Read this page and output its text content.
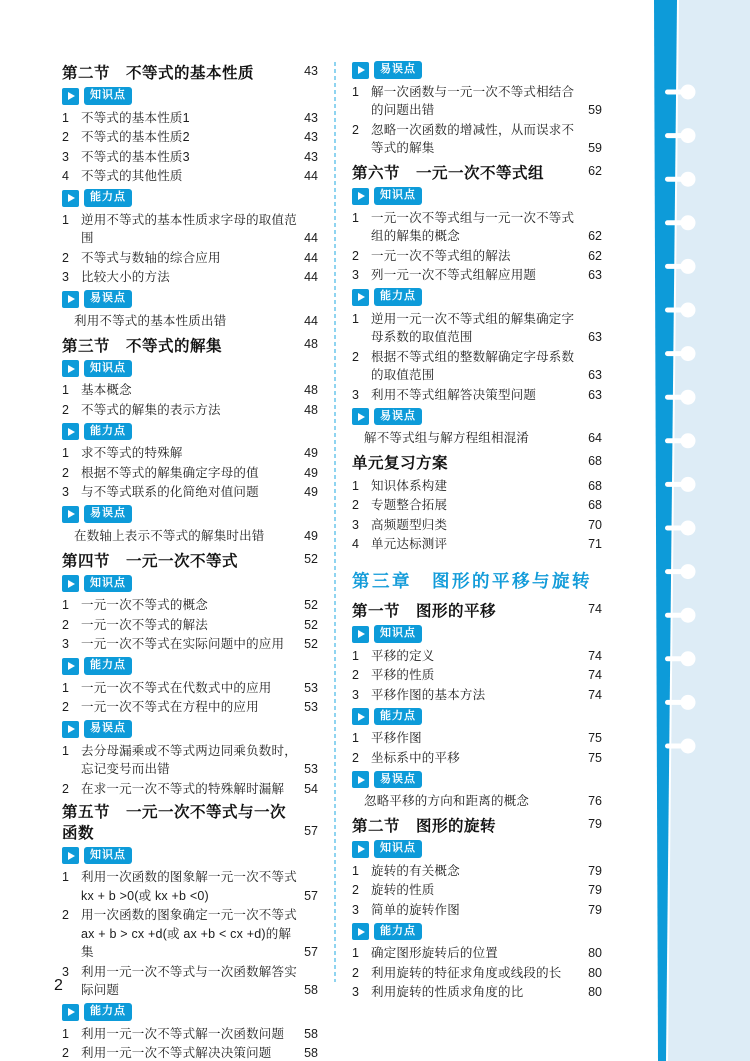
第二节　不等式的基本性质	43
知识点
1 不等式的基本性质1	43
2 不等式的基本性质2	43
3 不等式的基本性质3	43
4 不等式的其他性质	44
能力点
1 逆用不等式的基本性质求字母的取值范围	44
2 不等式与数轴的综合应用	44
3 比较大小的方法	44
易误点
利用不等式的基本性质出错	44
第三节　不等式的解集	48
知识点
1 基本概念	48
2 不等式的解集的表示方法	48
能力点
1 求不等式的特殊解	49
2 根据不等式的解集确定字母的值	49
3 与不等式联系的化简绝对值问题	49
易误点
在数轴上表示不等式的解集时出错	49
第四节　一元一次不等式	52
知识点
1 一元一次不等式的概念	52
2 一元一次不等式的解法	52
3 一元一次不等式在实际问题中的应用	52
能力点
1 一元一次不等式在代数式中的应用	53
2 一元一次不等式在方程中的应用	53
易误点
1 去分母漏乘或不等式两边同乘负数时，忘记变号而出错	53
2 在求一元一次不等式的特殊解时漏解	54
第五节　一元一次不等式与一次函数	57
知识点
1 利用一次函数的图象解一元一次不等式 kx + b >0(或 kx +b <0)	57
2 用一次函数的图象确定一元一次不等式 ax + b > cx +d(或 ax +b < cx +d)的解集	57
3 利用一元一次不等式与一次函数解答实际问题	58
能力点
1 利用一元一次不等式解一次函数问题	58
2 利用一元一次不等式解决决策问题	58
易误点
1 解一次函数与一元一次不等式相结合的问题出错	59
2 忽略一次函数的增减性，从而误求不等式的解集	59
第六节　一元一次不等式组	62
知识点
1 一元一次不等式组与一元一次不等式组的解集的概念	62
2 一元一次不等式组的解法	62
3 列一元一次不等式组解应用题	63
能力点
1 逆用一元一次不等式组的解集确定字母系数的取值范围	63
2 根据不等式组的整数解确定字母系数的取值范围	63
3 利用不等式组解答决策型问题	63
易误点
解不等式组与解方程组相混淆	64
单元复习方案	68
1 知识体系构建	68
2 专题整合拓展	68
3 高频题型归类	70
4 单元达标测评	71
第三章　图形的平移与旋转
第一节　图形的平移	74
知识点
1 平移的定义	74
2 平移的性质	74
3 平移作图的基本方法	74
能力点
1 平移作图	75
2 坐标系中的平移	75
易误点
忽略平移的方向和距离的概念	76
第二节　图形的旋转	79
知识点
1 旋转的有关概念	79
2 旋转的性质	79
3 简单的旋转作图	79
能力点
1 确定图形旋转后的位置	80
2 利用旋转的特征求角度或线段的长	80
3 利用旋转的性质求角度的比	80
2
